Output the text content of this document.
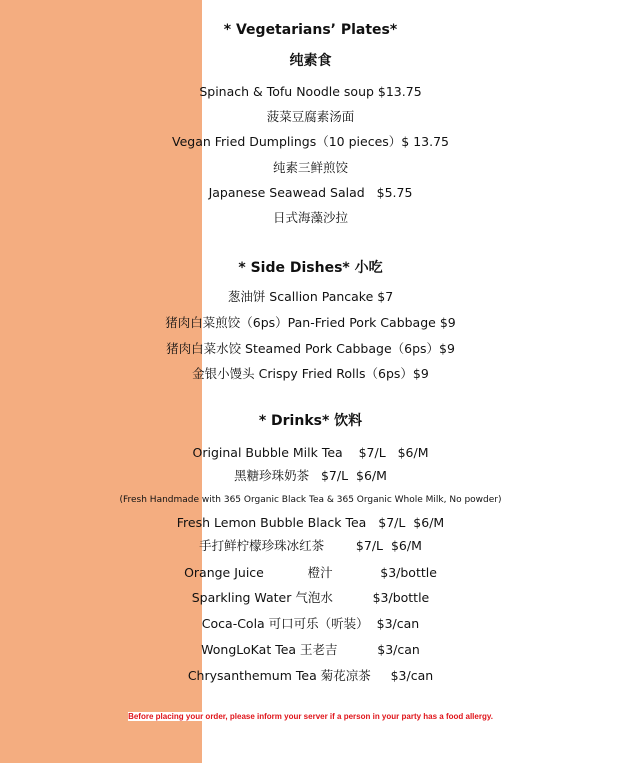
* Vegetarians’ Plates*
纯素食
Spinach & Tofu Noodle soup $13.75
菠菜豆腐素汤面
Vegan Fried Dumplings（10 pieces）$ 13.75
纯素三鲜煎饺
Japanese Seawead Salad   $5.75
日式海藻沙拉
* Side Dishes* 小吃
葱油饼 Scallion Pancake $7
猪肉白菜煎饺（6ps）Pan-Fried Pork Cabbage $9
猪肉白菜水饺 Steamed Pork Cabbage（6ps）$9
金银小馒头 Crispy Fried Rolls（6ps）$9
* Drinks* 饮料
Original Bubble Milk Tea    $7/L   $6/M
黑糖珍珠奶茶   $7/L  $6/M
(Fresh Handmade with 365 Organic Black Tea & 365 Organic Whole Milk, No powder)
Fresh Lemon Bubble Black Tea   $7/L  $6/M
手打鲜柠檬珍珠冰红茶        $7/L  $6/M
Orange Juice           橙汁            $3/bottle
Sparkling Water 气泡水          $3/bottle
Coca-Cola 可口可乐（听装）  $3/can
WongLoKat Tea 王老吉          $3/can
Chrysanthemum Tea 菊花凉茶     $3/can
Before placing your order, please inform your server if a person in your party has a food allergy.
